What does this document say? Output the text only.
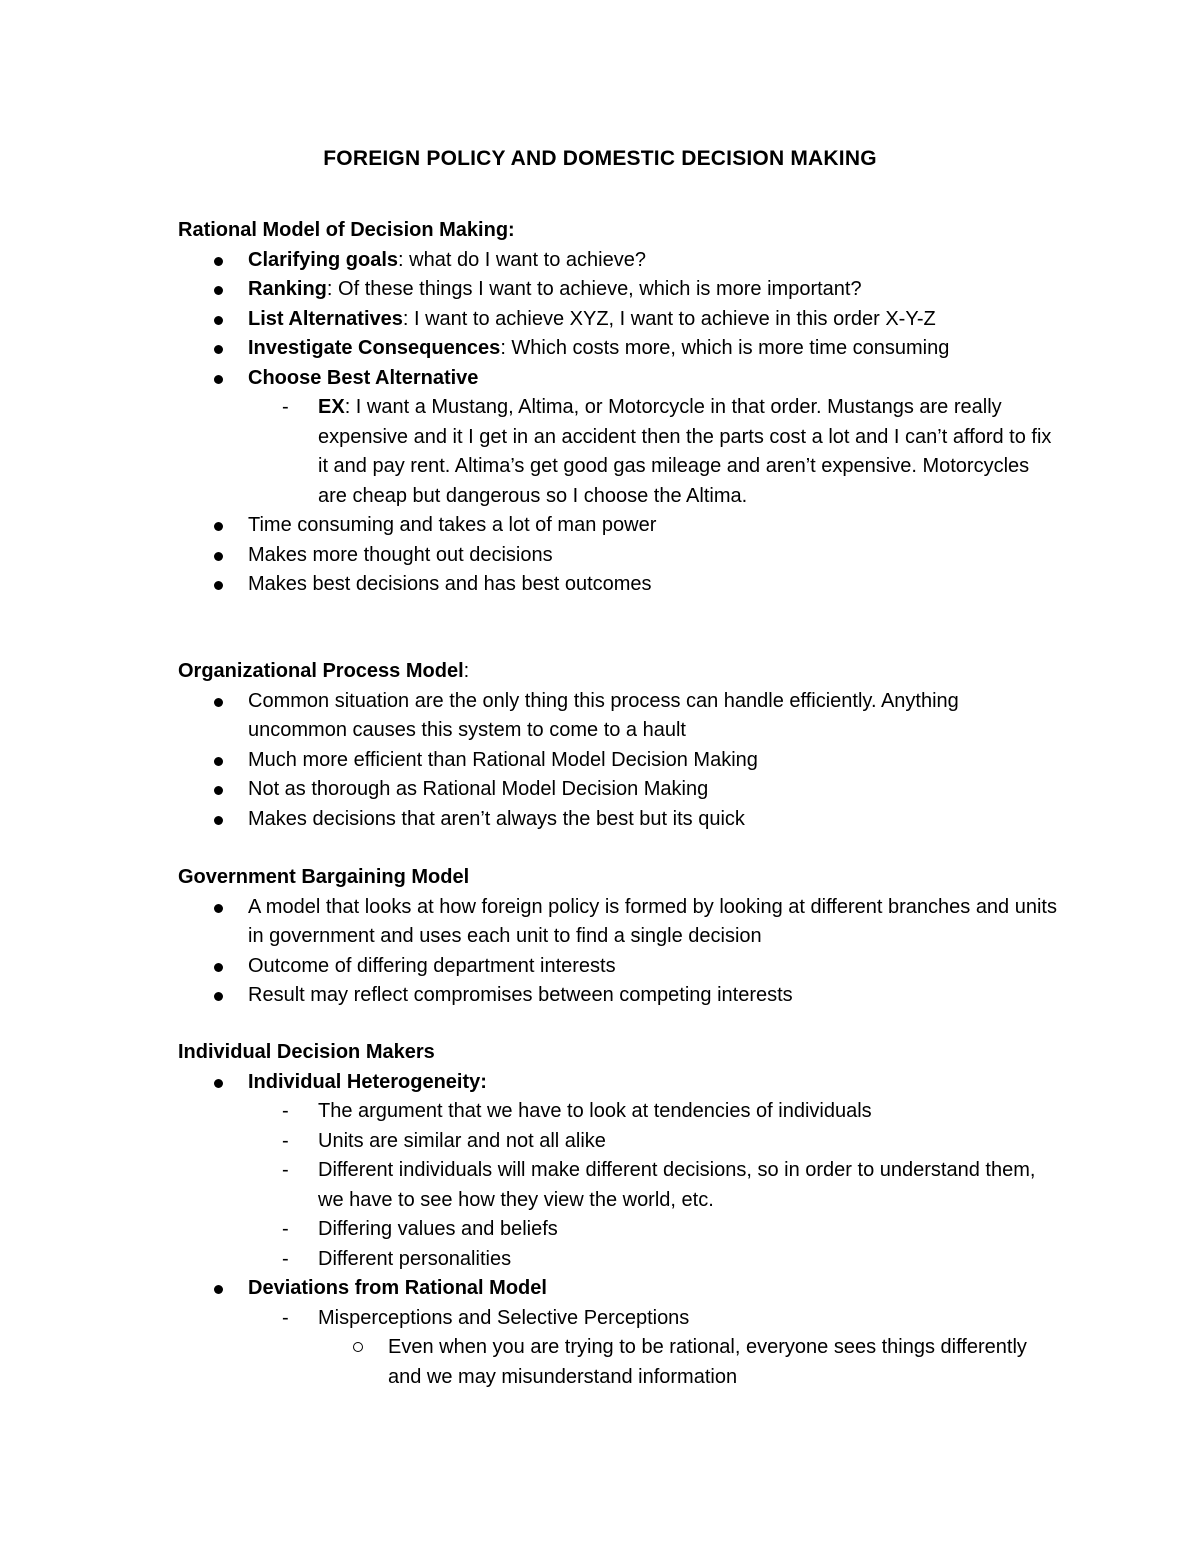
FOREIGN POLICY AND DOMESTIC DECISION MAKING
Rational Model of Decision Making:
Clarifying goals: what do I want to achieve?
Ranking: Of these things I want to achieve, which is more important?
List Alternatives: I want to achieve XYZ, I want to achieve in this order X-Y-Z
Investigate Consequences: Which costs more, which is more time consuming
Choose Best Alternative
- EX: I want a Mustang, Altima, or Motorcycle in that order. Mustangs are really expensive and it I get in an accident then the parts cost a lot and I can’t afford to fix it and pay rent. Altima’s get good gas mileage and aren’t expensive. Motorcycles are cheap but dangerous so I choose the Altima.
Time consuming and takes a lot of man power
Makes more thought out decisions
Makes best decisions and has best outcomes
Organizational Process Model:
Common situation are the only thing this process can handle efficiently. Anything uncommon causes this system to come to a hault
Much more efficient than Rational Model Decision Making
Not as thorough as Rational Model Decision Making
Makes decisions that aren’t always the best but its quick
Government Bargaining Model
A model that looks at how foreign policy is formed by looking at different branches and units in government and uses each unit to find a single decision
Outcome of differing department interests
Result may reflect compromises between competing interests
Individual Decision Makers
Individual Heterogeneity:
- The argument that we have to look at tendencies of individuals
- Units are similar and not all alike
- Different individuals will make different decisions, so in order to understand them, we have to see how they view the world, etc.
- Differing values and beliefs
- Different personalities
Deviations from Rational Model
- Misperceptions and Selective Perceptions
Even when you are trying to be rational, everyone sees things differently and we may misunderstand information
